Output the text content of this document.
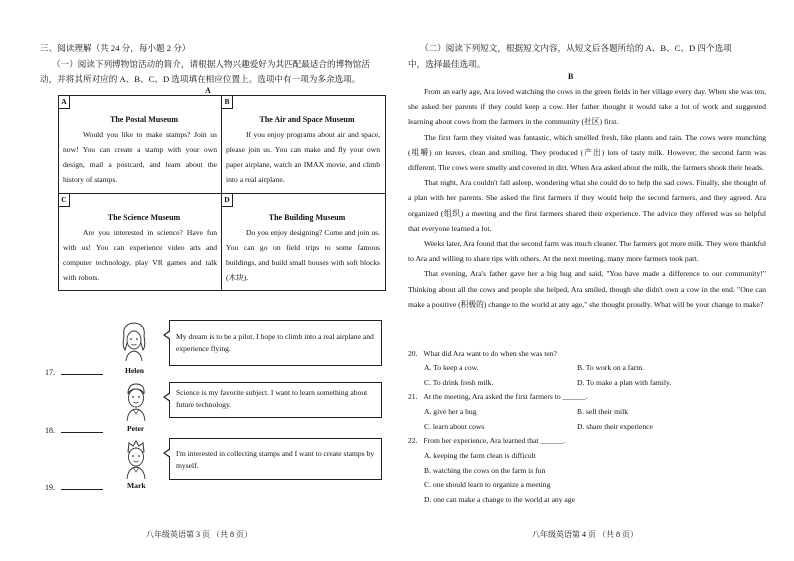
三、阅读理解（共 24 分，每小题 2 分）
（一）阅读下列博物馆活动的简介，请根据人物兴趣爱好为其匹配最适合的博物馆活
动，并将其所对应的 A、B、C、D 选项填在相应位置上。选项中有一项为多余选项。
A
A
The Postal Museum
Would you like to make stamps? Join us now! You can create a stamp with your own design, mail a postcard, and learn about the history of stamps.
B
The Air and Space Museum
If you enjoy programs about air and space, please join us. You can make and fly your own paper airplane, watch an IMAX movie, and climb into a real airplane.
C
The Science Museum
Are you interested in science? Have fun with us! You can experience video arts and computer technology, play VR games and talk with robots.
D
The Building Museum
Do you enjoy designing? Come and join us. You can go on field trips to some famous buildings, and build small houses with soft blocks (木块).
Helen
My dream is to be a pilot. I hope to climb into a real airplane and experience flying.
17.
Peter
Science is my favorite subject. I want to learn something about future technology.
18.
Mark
I'm interested in collecting stamps and I want to create stamps by myself.
19.
八年级英语第 3 页 （共 8 页）
（二）阅读下列短文，根据短文内容，从短文后各题所给的 A、B、C、D 四个选项
中，选择最佳选项。
B

From an early age, Ara loved watching the cows in the green fields in her village every day. When she was ten, she asked her parents if they could keep a cow. Her father thought it would take a lot of work and suggested learning about cows from the farmers in the community (社区) first.

The first farm they visited was fantastic, which smelled fresh, like plants and rain. The cows were munching (咀嚼) on leaves, clean and smiling. They produced (产出) lots of tasty milk. However, the second farm was different. The cows were smelly and covered in dirt. When Ara asked about the milk, the farmers shook their heads.

That night, Ara couldn't fall asleep, wondering what she could do to help the sad cows. Finally, she thought of a plan with her parents. She asked the first farmers if they would help the second farmers, and they agreed. Ara organized (组织) a meeting and the first farmers shared their experience. The advice they offered was so helpful that everyone learned a lot.

Weeks later, Ara found that the second farm was much cleaner. The farmers got more milk. They were thankful to Ara and willing to share tips with others. At the next meeting, many more farmers took part.

That evening, Ara's father gave her a big hug and said, "You have made a difference to our community!" Thinking about all the cows and people she helped, Ara smiled, though she didn't own a cow in the end. "One can make a positive (积极的) change to the world at any age," she thought proudly. What will be your change to make?

20. What did Ara want to do when she was ten?
A. To keep a cow.	B. To work on a farm.
C. To drink fresh milk.	D. To make a plan with family.
21. At the meeting, Ara asked the first farmers to ______.
A. give her a hug	B. sell their milk
C. learn about cows	D. share their experience
22. From her experience, Ara learned that ______.
A. keeping the farm clean is difficult
B. watching the cows on the farm is fun
C. one should learn to organize a meeting
D. one can make a change to the world at any age
八年级英语第 4 页 （共 8 页）
